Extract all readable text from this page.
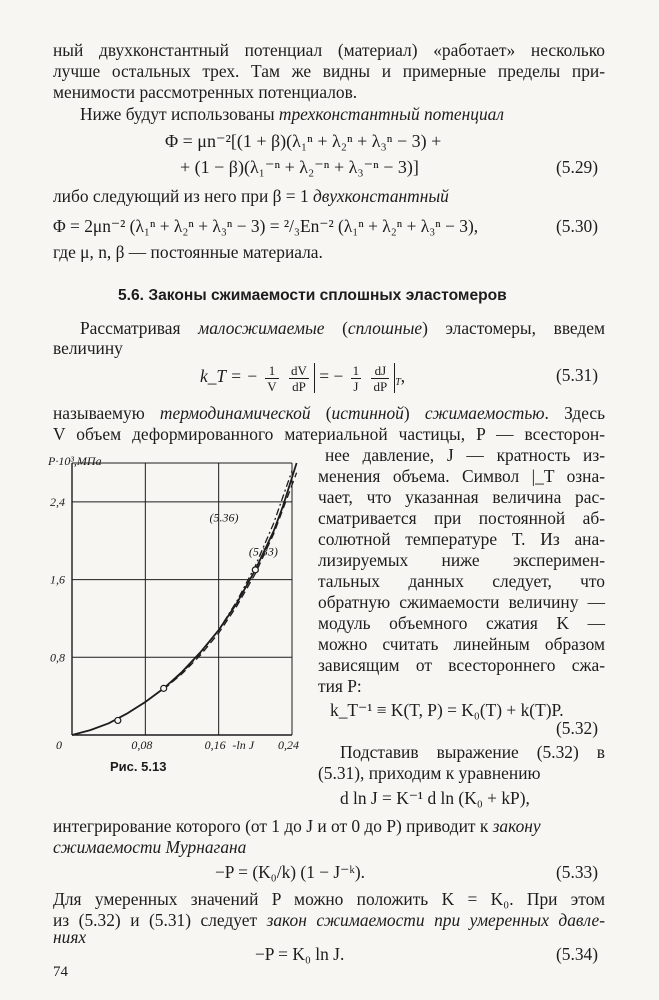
ный двухконстантный потенциал (материал) «работает» несколько
лучше остальных трех. Там же видны и примерные пределы при-
менимости рассмотренных потенциалов.
Ниже будут использованы трехконстантный потенциал
Φ = μn⁻²[(1 + β)(λ₁ⁿ + λ₂ⁿ + λ₃ⁿ − 3) +
+ (1 − β)(λ₁⁻ⁿ + λ₂⁻ⁿ + λ₃⁻ⁿ − 3)]	(5.29)
либо следующий из него при β = 1 двухконстантный
Φ = 2μn⁻² (λ₁ⁿ + λ₂ⁿ + λ₃ⁿ − 3) = ²/₃En⁻² (λ₁ⁿ + λ₂ⁿ + λ₃ⁿ − 3),	(5.30)
где μ, n, β — постоянные материала.
5.6. Законы сжимаемости сплошных эластомеров
Рассматривая малосжимаемые (сплошные) эластомеры, введем
величину
k_T = − $\frac{1}{V}$
$\frac{dV}{dP}$ = − $\frac{1}{J}$
$\frac{dJ}{dP} _T$,	(5.31)
называемую термодинамической (истинной) сжимаемостью. Здесь
V объем деформированного материальной частицы, P — всесторон-
нее давление, J — кратность из-
менения объема. Символ |_T озна-
чает, что указанная величина рас-
сматривается при постоянной аб-
солютной температуре T. Из ана-
лизируемых ниже эксперимен-
тальных данных следует, что
обратную сжимаемости величину —
модуль объемного сжатия K —
можно считать линейным образом
зависящим от всестороннего сжа-
тия P:
k_T⁻¹ ≡ K(T, P) = K₀(T) + k(T)P.
(5.32)
Подставив выражение (5.32) в
(5.31), приходим к уравнению
d ln J = K⁻¹ d ln (K₀ + kP),
0	0,08	0,16	0,24
0,8
1,6
2,4
P·10³,МПа
-ln J
(5.36)
(5.33)
Рис. 5.13
интегрирование которого (от 1 до J и от 0 до P) приводит к закону
сжимаемости Мурнагана
−P = (K₀/k) (1 − J⁻ᵏ).	(5.33)
Для умеренных значений P можно положить K = K₀. При этом
из (5.32) и (5.31) следует закон сжимаемости при умеренных давле-
ниях
−P = K₀ ln J.	(5.34)
74
